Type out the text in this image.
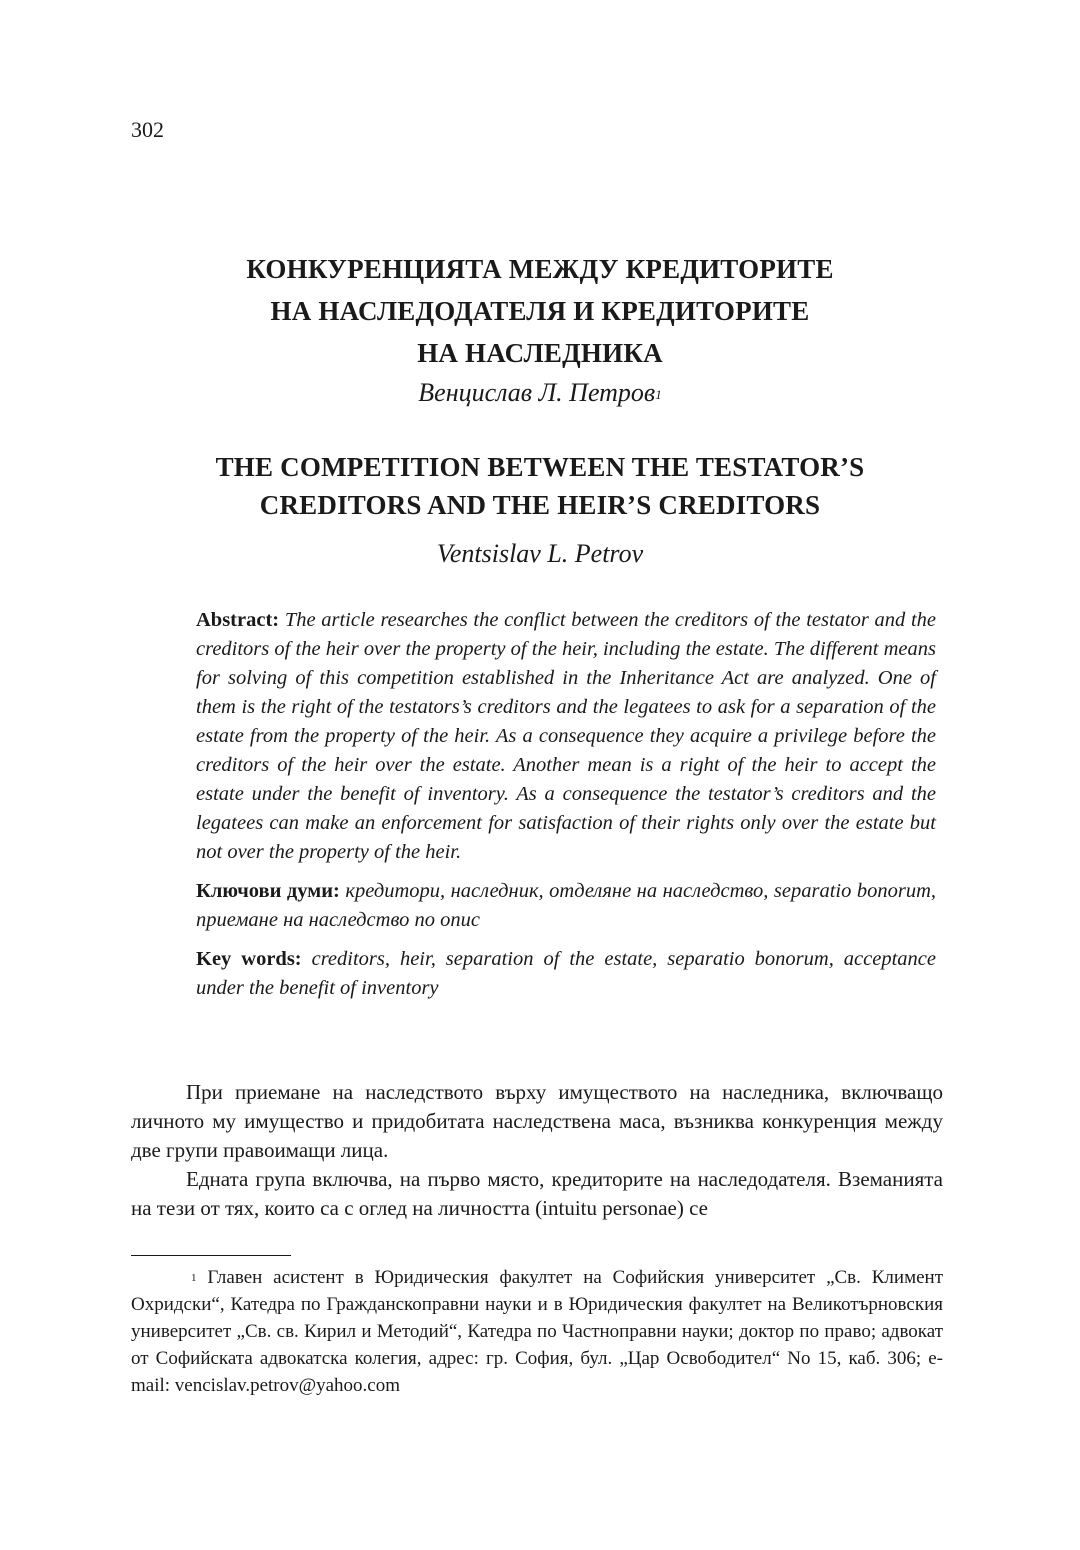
302
КОНКУРЕНЦИЯТА МЕЖДУ КРЕДИТОРИТЕ
НА НАСЛЕДОДАТЕЛЯ И КРЕДИТОРИТЕ
НА НАСЛЕДНИКА
Венцислав Л. Петров$^1$
THE COMPETITION BETWEEN THE TESTATOR’S
CREDITORS AND THE HEIR’S CREDITORS
Ventsislav L. Petrov

Abstract: The article researches the conflict between the creditors of the testator and the creditors of the heir over the property of the heir, including the estate. The different means for solving of this competition established in the Inheritance Act are analyzed. One of them is the right of the testators’s creditors and the legatees to ask for a separation of the estate from the property of the heir. As a consequence they acquire a privilege before the creditors of the heir over the estate. Another mean is a right of the heir to accept the estate under the benefit of inventory. As a consequence the testator’s creditors and the legatees can make an enforcement for satisfaction of their rights only over the estate but not over the property of the heir.

Ключови думи: кредитори, наследник, отделяне на наследство, separatio bonorum, приемане на наследство по опис

Key words: creditors, heir, separation of the estate, separatio bonorum, acceptance under the benefit of inventory

При приемане на наследството върху имуществото на наследника, включващо личното му имущество и придобитата наследствена маса, възниква конкуренция между две групи правоимащи лица.

Едната група включва, на първо място, кредиторите на наследодателя. Вземанията на тези от тях, които са с оглед на личността (intuitu personae) се

$^1$ Главен асистент в Юридическия факултет на Софийския университет „Св. Климент Охридски“, Катедра по Гражданскоправни науки и в Юридическия факултет на Великотърновския университет „Св. св. Кирил и Методий“, Катедра по Частноправни науки; доктор по право; адвокат от Софийската адвокатска колегия, адрес: гр. София, бул. „Цар Освободител“ No 15, каб. 306; e-mail: vencislav.petrov@yahoo.com
